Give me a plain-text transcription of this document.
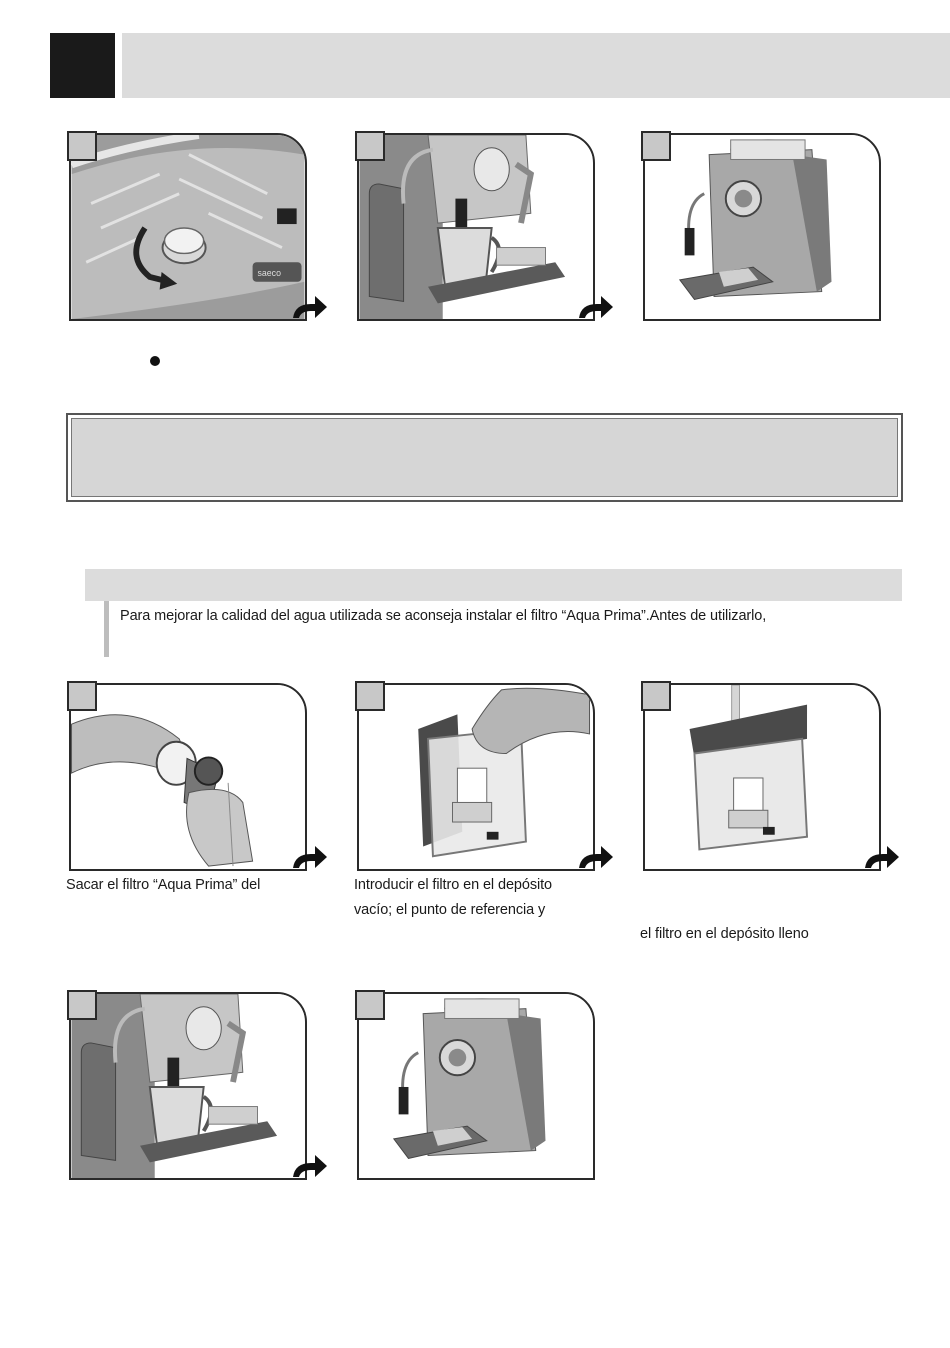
saeco
Para mejorar la calidad del agua utilizada se aconseja instalar el filtro “Aqua Prima”.Antes de utilizarlo,
Sacar el filtro “Aqua Prima” del	Introducir el filtro en el depósito
vacío; el punto de referencia y
el filtro en el depósito lleno
